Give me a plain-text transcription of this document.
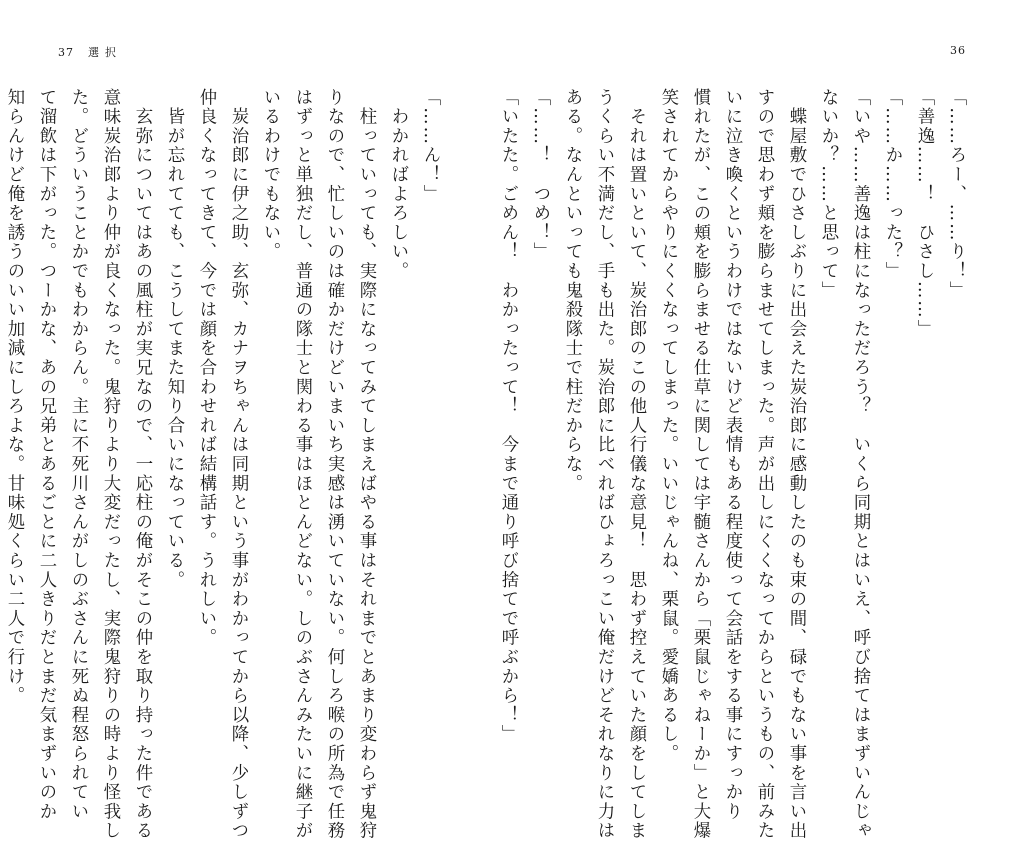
37 選択
「……ん！」
　わかればよろしい。
　柱っていっても、実際になってみてしまえばやる事はそれまでとあまり変わらず鬼狩
りなので、忙しいのは確かだけどいまいち実感は湧いていない。何しろ喉の所為で任務
はずっと単独だし、普通の隊士と関わる事はほとんどない。しのぶさんみたいに継子が
いるわけでもない。
　炭治郎に伊之助、玄弥、カナヲちゃんは同期という事がわかってから以降、少しずつ
仲良くなってきて、今では顔を合わせれば結構話す。うれしい。
　皆が忘れてても、こうしてまた知り合いになっている。
　玄弥についてはあの風柱が実兄なので、一応柱の俺がそこの仲を取り持った件である
意味炭治郎より仲が良くなった。鬼狩りより大変だったし、実際鬼狩りの時より怪我し
た。どういうことかでもわからん。主に不死川さんがしのぶさんに死ぬ程怒られてい
て溜飲は下がった。つーかな、あの兄弟とあるごとに二人きりだとまだ気まずいのか
知らんけど俺を誘うのいい加減にしろよな。甘味処くらい二人で行け。
36
「……ろー、……り！」
「善逸……！　ひさし……」
「……か……った？」
「いや……善逸は柱になっただろう？　いくら同期とはいえ、呼び捨てはまずいんじゃ
ないか？……と思って」
　蝶屋敷でひさしぶりに出会えた炭治郎に感動したのも束の間、碌でもない事を言い出
すので思わず頬を膨らませてしまった。声が出しにくくなってからというもの、前みた
いに泣き喚くというわけではないけど表情もある程度使って会話をする事にすっかり
慣れたが、この頬を膨らませる仕草に関しては宇髄さんから「栗鼠じゃねーか」と大爆
笑されてからやりにくくなってしまった。いいじゃんね、栗鼠。愛嬌あるし。
　それは置いといて、炭治郎のこの他人行儀な意見！　思わず控えていた顔をしてしま
うくらい不満だし、手も出た。炭治郎に比べればひょろっこい俺だけどそれなりに力は
ある。なんといっても鬼殺隊士で柱だからな。
「……！　つめ！」
「いたた。ごめん！　わかったって！　今まで通り呼び捨てで呼ぶから！」
